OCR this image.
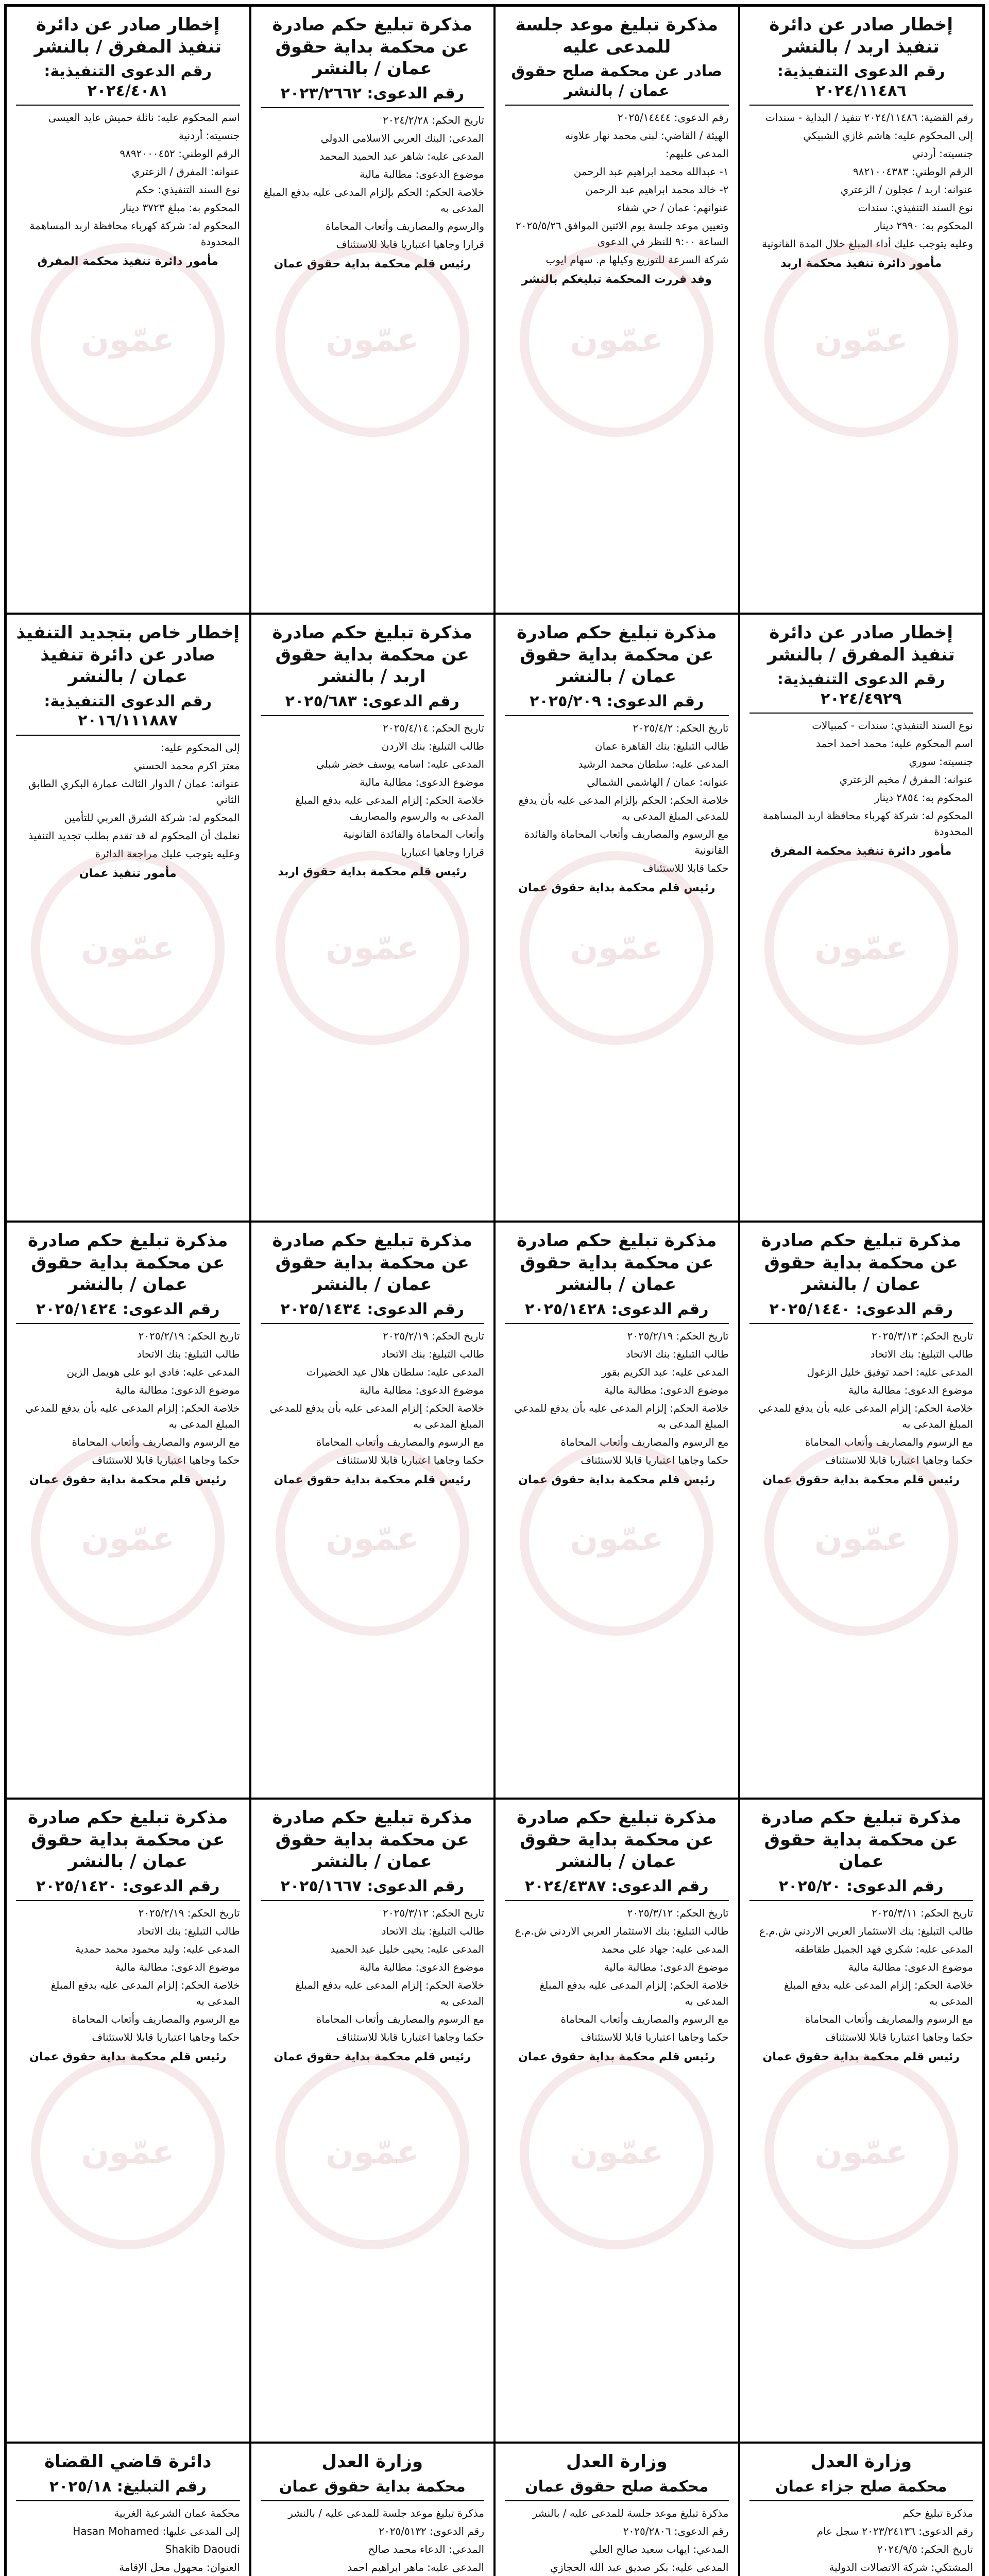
عمّون
إخطار صادر عن دائرة تنفيذ اربد / بالنشر
رقم الدعوى التنفيذية: ٢٠٢٤/١١٤٨٦

رقم القضية: ٢٠٢٤/١١٤٨٦ تنفيذ / البداية - سندات

إلى المحكوم عليه: هاشم غازي الشبيكي

جنسيته: أردني

الرقم الوطني: ٩٨٢١٠٠٤٣٨٣

عنوانه: اربد / عجلون / الزعتري

نوع السند التنفيذي: سندات

المحكوم به: ٢٩٩٠ دينار

وعليه يتوجب عليك أداء المبلغ خلال المدة القانونية

مأمور دائرة تنفيذ محكمة اربد
عمّون
مذكرة تبليغ موعد جلسة للمدعى عليه
صادر عن محكمة صلح حقوق عمان / بالنشر

رقم الدعوى: ٢٠٢٥/١٤٤٤٤

الهيئة / القاضي: لبنى محمد نهار علاونه

المدعى عليهم:

١- عبدالله محمد ابراهيم عبد الرحمن

٢- خالد محمد ابراهيم عبد الرحمن

عنوانهم: عمان / حي شفاء

وتعيين موعد جلسة يوم الاثنين الموافق ٢٠٢٥/٥/٢٦ الساعة ٩:٠٠ للنظر في الدعوى

شركة السرعة للتوزيع وكيلها م. سهام ايوب

وقد قررت المحكمة تبليغكم بالنشر
عمّون
مذكرة تبليغ حكم صادرة عن محكمة بداية حقوق عمان / بالنشر
رقم الدعوى: ٢٠٢٣/٢٦٦٢

تاريخ الحكم: ٢٠٢٤/٢/٢٨

المدعي: البنك العربي الاسلامي الدولي

المدعى عليه: شاهر عبد الحميد المحمد

موضوع الدعوى: مطالبة مالية

خلاصة الحكم: الحكم بإلزام المدعى عليه بدفع المبلغ المدعى به

والرسوم والمصاريف وأتعاب المحاماة

قرارا وجاهيا اعتباريا قابلا للاستئناف

رئيس قلم محكمة بداية حقوق عمان
عمّون
إخطار صادر عن دائرة تنفيذ المفرق / بالنشر
رقم الدعوى التنفيذية: ٢٠٢٤/٤٠٨١

اسم المحكوم عليه: نائلة حميش عايد العيسى

جنسيته: أردنية

الرقم الوطني: ٩٨٩٢٠٠٠٤٥٢

عنوانه: المفرق / الزعتري

نوع السند التنفيذي: حكم

المحكوم به: مبلغ ٣٧٢٣ دينار

المحكوم له: شركة كهرباء محافظة اربد المساهمة المحدودة

مأمور دائرة تنفيذ محكمة المفرق
عمّون
إخطار صادر عن دائرة تنفيذ المفرق / بالنشر
رقم الدعوى التنفيذية: ٢٠٢٤/٤٩٢٩

نوع السند التنفيذي: سندات - كمبيالات

اسم المحكوم عليه: محمد احمد احمد

جنسيته: سوري

عنوانه: المفرق / مخيم الزعتري

المحكوم به: ٢٨٥٤ دينار

المحكوم له: شركة كهرباء محافظة اربد المساهمة المحدودة

مأمور دائرة تنفيذ محكمة المفرق
عمّون
مذكرة تبليغ حكم صادرة عن محكمة بداية حقوق عمان / بالنشر
رقم الدعوى: ٢٠٢٥/٢٠٩

تاريخ الحكم: ٢٠٢٥/٤/٢

طالب التبليغ: بنك القاهرة عمان

المدعى عليه: سلطان محمد الرشيد

عنوانه: عمان / الهاشمي الشمالي

خلاصة الحكم: الحكم بإلزام المدعى عليه بأن يدفع للمدعي المبلغ المدعى به

مع الرسوم والمصاريف وأتعاب المحاماة والفائدة القانونية

حكما قابلا للاستئناف

رئيس قلم محكمة بداية حقوق عمان
عمّون
مذكرة تبليغ حكم صادرة عن محكمة بداية حقوق اربد / بالنشر
رقم الدعوى: ٢٠٢٥/٦٨٣

تاريخ الحكم: ٢٠٢٥/٤/١٤

طالب التبليغ: بنك الاردن

المدعى عليه: اسامه يوسف خضر شبلي

موضوع الدعوى: مطالبة مالية

خلاصة الحكم: إلزام المدعى عليه بدفع المبلغ المدعى به والرسوم والمصاريف

وأتعاب المحاماة والفائدة القانونية

قرارا وجاهيا اعتباريا

رئيس قلم محكمة بداية حقوق اربد
عمّون
إخطار خاص بتجديد التنفيذ صادر عن دائرة تنفيذ عمان / بالنشر
رقم الدعوى التنفيذية: ٢٠١٦/١١١٨٨٧

إلى المحكوم عليه:

معتز اكرم محمد الحسني

عنوانه: عمان / الدوار الثالث عمارة البكري الطابق الثاني

المحكوم له: شركة الشرق العربي للتأمين

نعلمك أن المحكوم له قد تقدم بطلب تجديد التنفيذ

وعليه يتوجب عليك مراجعة الدائرة

مأمور تنفيذ عمان
عمّون
مذكرة تبليغ حكم صادرة عن محكمة بداية حقوق عمان / بالنشر
رقم الدعوى: ٢٠٢٥/١٤٤٠

تاريخ الحكم: ٢٠٢٥/٣/١٣

طالب التبليغ: بنك الاتحاد

المدعى عليه: احمد توفيق خليل الزغول

موضوع الدعوى: مطالبة مالية

خلاصة الحكم: إلزام المدعى عليه بأن يدفع للمدعي المبلغ المدعى به

مع الرسوم والمصاريف وأتعاب المحاماة

حكما وجاهيا اعتباريا قابلا للاستئناف

رئيس قلم محكمة بداية حقوق عمان
عمّون
مذكرة تبليغ حكم صادرة عن محكمة بداية حقوق عمان / بالنشر
رقم الدعوى: ٢٠٢٥/١٤٢٨

تاريخ الحكم: ٢٠٢٥/٢/١٩

طالب التبليغ: بنك الاتحاد

المدعى عليه: عبد الكريم بقور

موضوع الدعوى: مطالبة مالية

خلاصة الحكم: إلزام المدعى عليه بأن يدفع للمدعي المبلغ المدعى به

مع الرسوم والمصاريف وأتعاب المحاماة

حكما وجاهيا اعتباريا قابلا للاستئناف

رئيس قلم محكمة بداية حقوق عمان
عمّون
مذكرة تبليغ حكم صادرة عن محكمة بداية حقوق عمان / بالنشر
رقم الدعوى: ٢٠٢٥/١٤٣٤

تاريخ الحكم: ٢٠٢٥/٢/١٩

طالب التبليغ: بنك الاتحاد

المدعى عليه: سلطان هلال عيد الخضيرات

موضوع الدعوى: مطالبة مالية

خلاصة الحكم: إلزام المدعى عليه بأن يدفع للمدعي المبلغ المدعى به

مع الرسوم والمصاريف وأتعاب المحاماة

حكما وجاهيا اعتباريا قابلا للاستئناف

رئيس قلم محكمة بداية حقوق عمان
عمّون
مذكرة تبليغ حكم صادرة عن محكمة بداية حقوق عمان / بالنشر
رقم الدعوى: ٢٠٢٥/١٤٢٤

تاريخ الحكم: ٢٠٢٥/٢/١٩

طالب التبليغ: بنك الاتحاد

المدعى عليه: فادي ابو علي هويمل الزين

موضوع الدعوى: مطالبة مالية

خلاصة الحكم: إلزام المدعى عليه بأن يدفع للمدعي المبلغ المدعى به

مع الرسوم والمصاريف وأتعاب المحاماة

حكما وجاهيا اعتباريا قابلا للاستئناف

رئيس قلم محكمة بداية حقوق عمان
عمّون
مذكرة تبليغ حكم صادرة عن محكمة بداية حقوق عمان
رقم الدعوى: ٢٠٢٥/٢٠

تاريخ الحكم: ٢٠٢٥/٣/١١

طالب التبليغ: بنك الاستثمار العربي الاردني ش.م.ع

المدعى عليه: شكري فهد الجميل طقاطقه

موضوع الدعوى: مطالبة مالية

خلاصة الحكم: إلزام المدعى عليه بدفع المبلغ المدعى به

مع الرسوم والمصاريف وأتعاب المحاماة

حكما وجاهيا اعتباريا قابلا للاستئناف

رئيس قلم محكمة بداية حقوق عمان
عمّون
مذكرة تبليغ حكم صادرة عن محكمة بداية حقوق عمان / بالنشر
رقم الدعوى: ٢٠٢٤/٤٣٨٧

تاريخ الحكم: ٢٠٢٥/٣/١٢

طالب التبليغ: بنك الاستثمار العربي الاردني ش.م.ع

المدعى عليه: جهاد علي محمد

موضوع الدعوى: مطالبة مالية

خلاصة الحكم: إلزام المدعى عليه بدفع المبلغ المدعى به

مع الرسوم والمصاريف وأتعاب المحاماة

حكما وجاهيا اعتباريا قابلا للاستئناف

رئيس قلم محكمة بداية حقوق عمان
عمّون
مذكرة تبليغ حكم صادرة عن محكمة بداية حقوق عمان / بالنشر
رقم الدعوى: ٢٠٢٥/١٦٦٧

تاريخ الحكم: ٢٠٢٥/٣/١٢

طالب التبليغ: بنك الاتحاد

المدعى عليه: يحيى خليل عبد الحميد

موضوع الدعوى: مطالبة مالية

خلاصة الحكم: إلزام المدعى عليه بدفع المبلغ المدعى به

مع الرسوم والمصاريف وأتعاب المحاماة

حكما وجاهيا اعتباريا قابلا للاستئناف

رئيس قلم محكمة بداية حقوق عمان
عمّون
مذكرة تبليغ حكم صادرة عن محكمة بداية حقوق عمان / بالنشر
رقم الدعوى: ٢٠٢٥/١٤٢٠

تاريخ الحكم: ٢٠٢٥/٢/١٩

طالب التبليغ: بنك الاتحاد

المدعى عليه: وليد محمود محمد حمدية

موضوع الدعوى: مطالبة مالية

خلاصة الحكم: إلزام المدعى عليه بدفع المبلغ المدعى به

مع الرسوم والمصاريف وأتعاب المحاماة

حكما وجاهيا اعتباريا قابلا للاستئناف

رئيس قلم محكمة بداية حقوق عمان
وزارة العدل
محكمة صلح جزاء عمان

مذكرة تبليغ حكم

رقم الدعوى: ٢٠٢٣/٢٤١٣٦ سجل عام

تاريخ الحكم: ٢٠٢٤/٩/٥

المشتكي: شركة الاتصالات الدولية

وزارة العدل
محكمة صلح حقوق عمان

مذكرة تبليغ موعد جلسة للمدعى عليه / بالنشر

رقم الدعوى: ٢٠٢٥/٢٨٠٦

المدعي: ايهاب سعيد صالح العلي

المدعى عليه: بكر صديق عبد الله الحجازي

وزارة العدل
محكمة بداية حقوق عمان

مذكرة تبليغ موعد جلسة للمدعى عليه / بالنشر

رقم الدعوى: ٢٠٢٥/٥١٣٢

المدعي: الدعاء محمد صالح

المدعى عليه: ماهر ابراهيم احمد

دائرة قاضي القضاة
رقم التبليغ: ٢٠٢٥/١٨

محكمة عمان الشرعية الغربية

إلى المدعى عليها: Hasan Mohamed

Shakib Daoudi

العنوان: مجهول محل الإقامة
